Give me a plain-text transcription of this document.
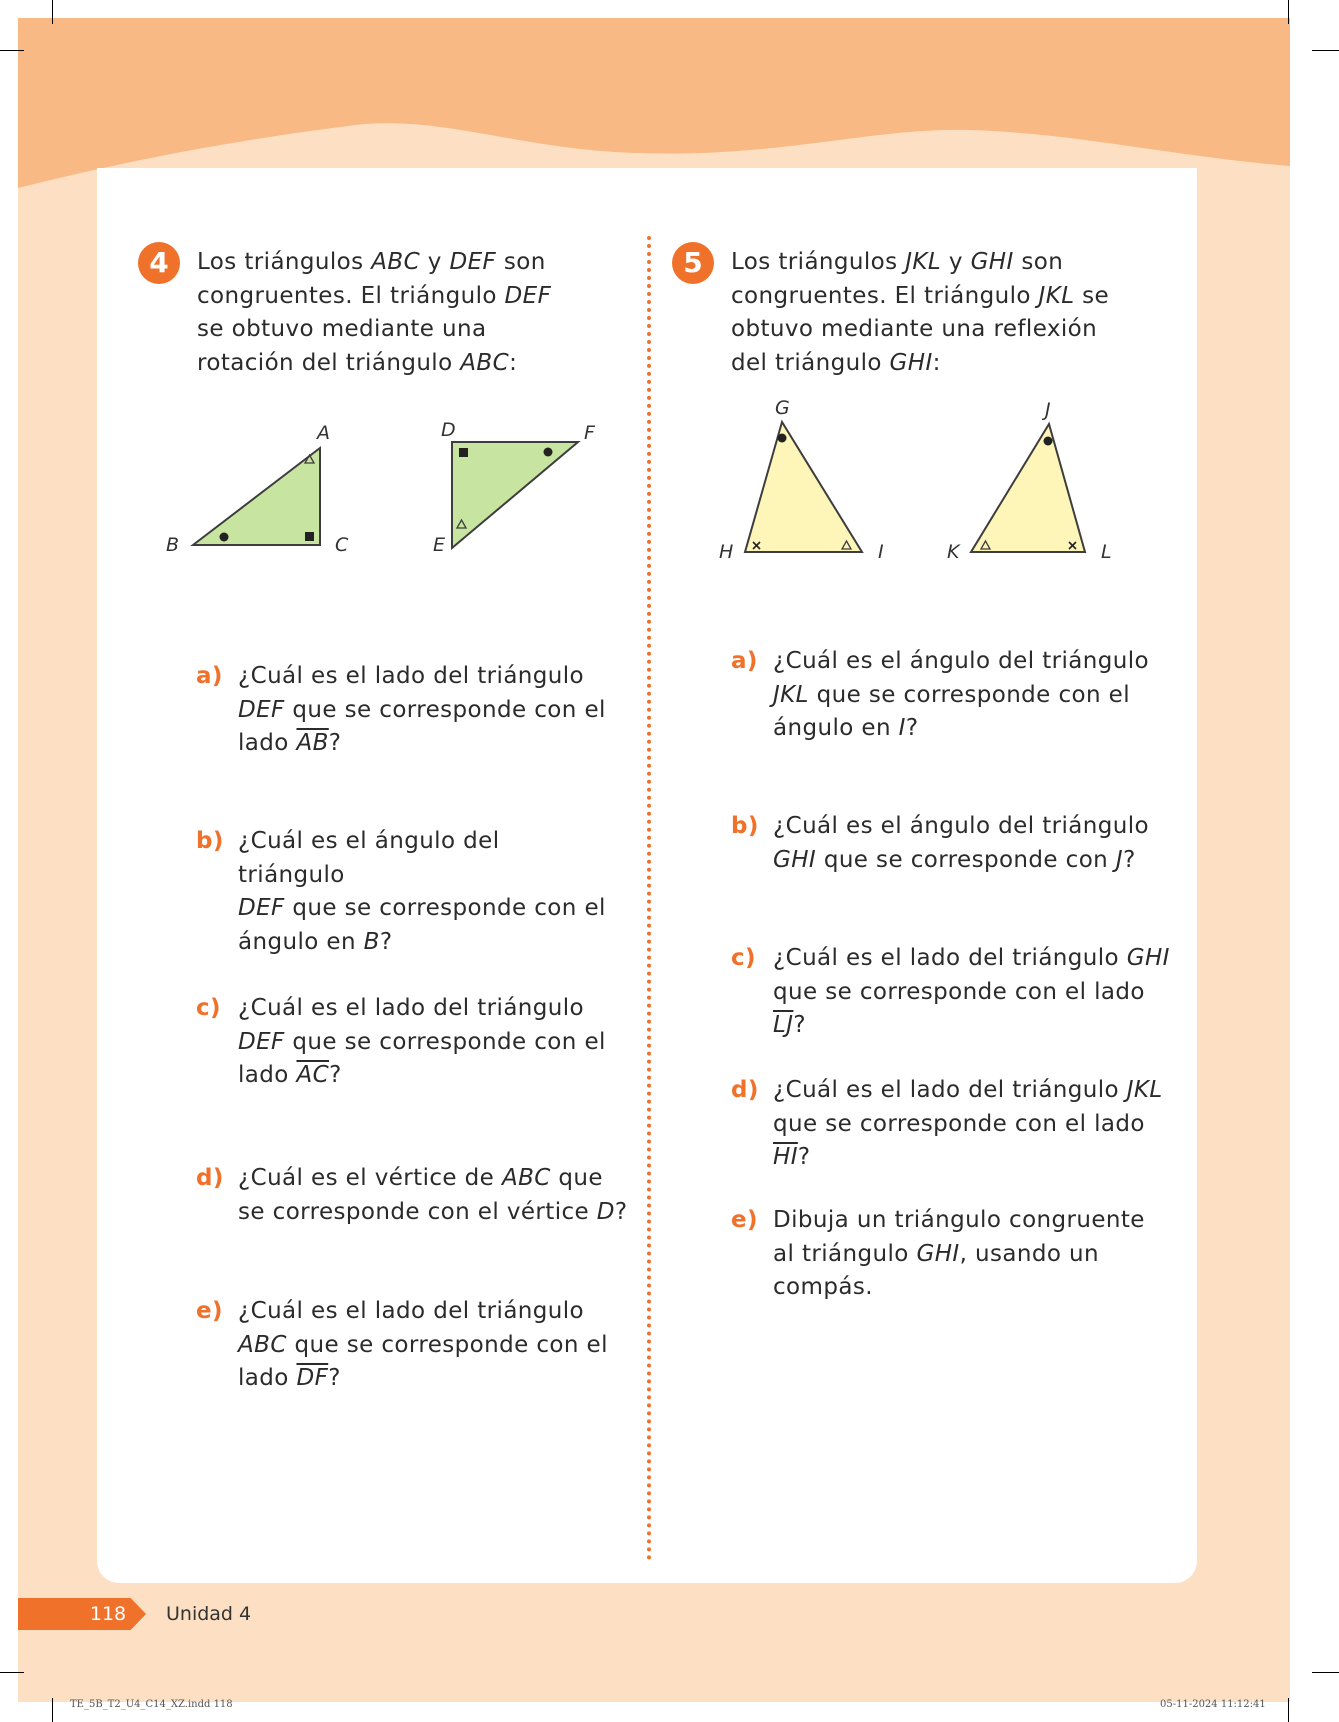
4	Los triángulos ABC y DEF son congruentes. El triángulo DEF se obtuvo mediante una rotación del triángulo ABC:
A
B	C
D
E
F
a) ¿Cuál es el lado del triángulo
DEF que se corresponde con el lado $\overline{AB}$?
b) ¿Cuál es el ángulo del triángulo
DEF que se corresponde con el ángulo en B?
c) ¿Cuál es el lado del triángulo
DEF que se corresponde con el lado $\overline{AC}$?
d) ¿Cuál es el vértice de ABC que se corresponde con el vértice D?
e) ¿Cuál es el lado del triángulo
ABC que se corresponde con el lado $\overline{DF}$?
5	Los triángulos JKL y GHI son congruentes. El triángulo JKL se obtuvo mediante una reflexión del triángulo GHI:
G
H	I
J
K	L
a) ¿Cuál es el ángulo del triángulo
JKL que se corresponde con el ángulo en I?
b) ¿Cuál es el ángulo del triángulo
GHI que se corresponde con J?
c) ¿Cuál es el lado del triángulo GHI
que se corresponde con el lado $\overline{LJ}$?
d) ¿Cuál es el lado del triángulo JKL
que se corresponde con el lado $\overline{HI}$?
e) Dibuja un triángulo congruente al triángulo GHI, usando un compás.
118 Unidad 4
TE_5B_T2_U4_C14_XZ.indd 118	05-11-2024 11:12:41
